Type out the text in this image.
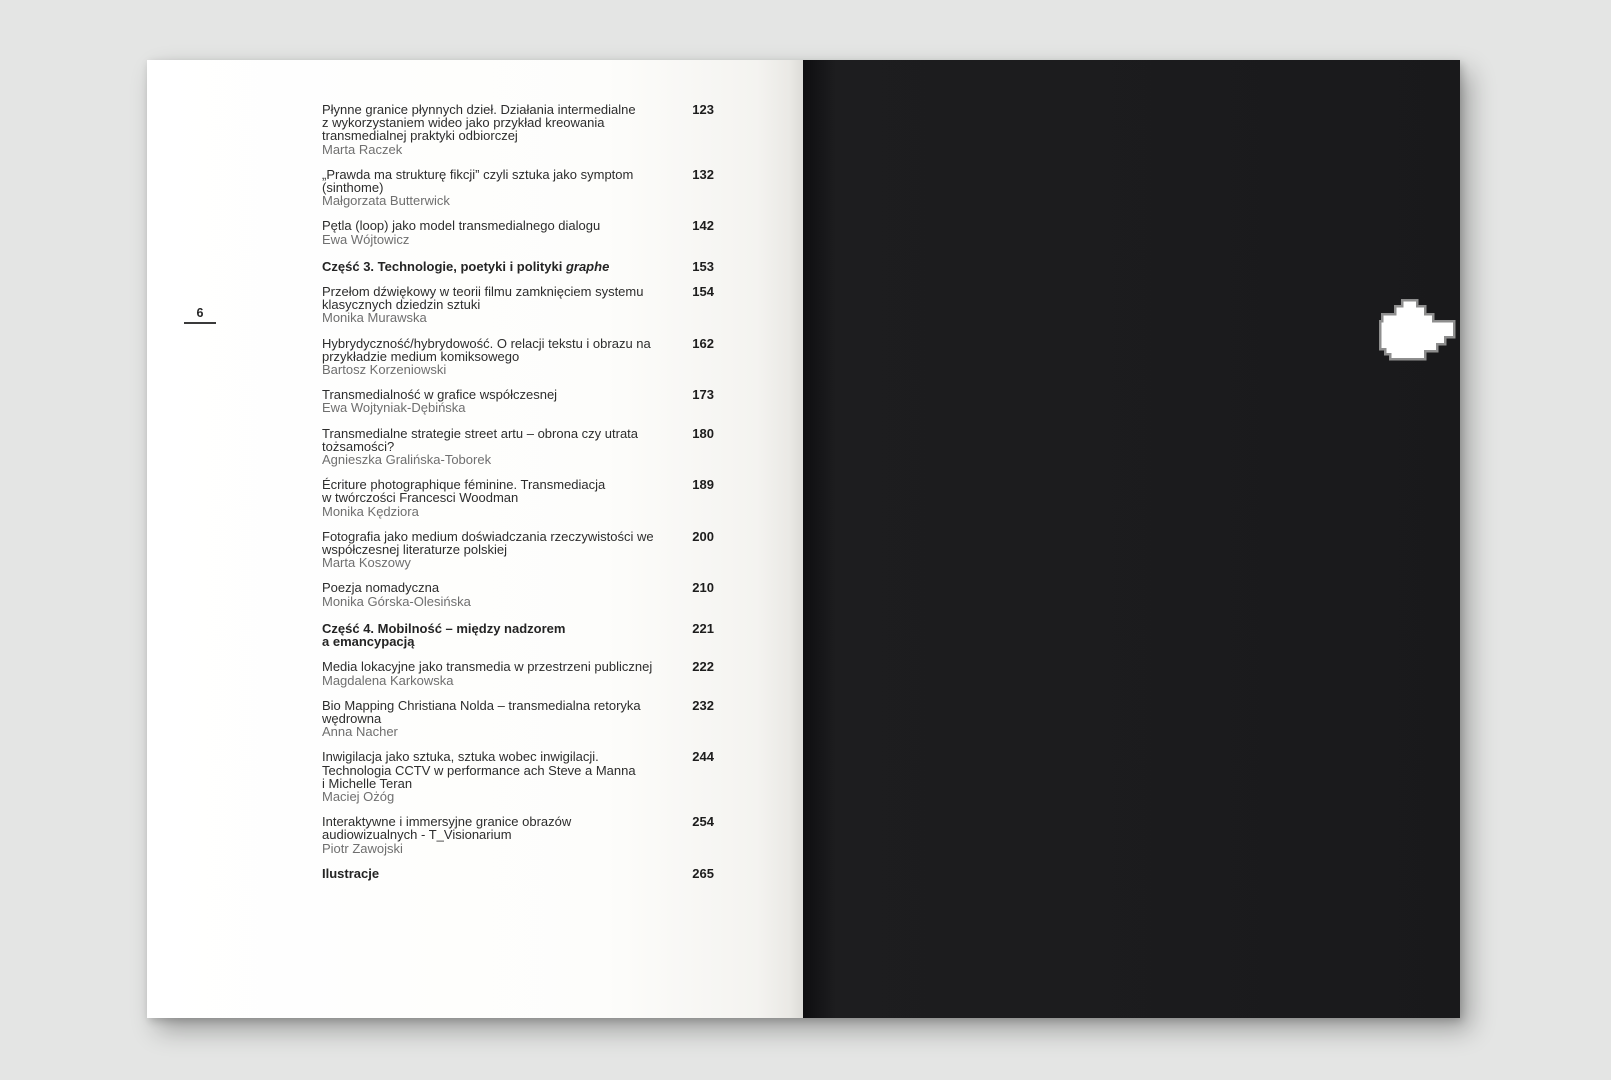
6
Płynne granice płynnych dzieł. Działania intermedialne
z wykorzystaniem wideo jako przykład kreowania
transmedialnej praktyki odbiorczej
Marta Raczek
123
„Prawda ma strukturę fikcji” czyli sztuka jako symptom
(sinthome)
Małgorzata Butterwick
132
Pętla (loop) jako model transmedialnego dialogu
Ewa Wójtowicz
142
Część 3. Technologie, poetyki i polityki graphe	153
Przełom dźwiękowy w teorii filmu zamknięciem systemu
klasycznych dziedzin sztuki
Monika Murawska
154
Hybrydyczność/hybrydowość. O relacji tekstu i obrazu na
przykładzie medium komiksowego
Bartosz Korzeniowski
162
Transmedialność w grafice współczesnej
Ewa Wojtyniak-Dębińska
173
Transmedialne strategie street artu – obrona czy utrata
tożsamości?
Agnieszka Gralińska-Toborek
180
Écriture photographique féminine. Transmediacja
w twórczości Francesci Woodman
Monika Kędziora
189
Fotografia jako medium doświadczania rzeczywistości we
współczesnej literaturze polskiej
Marta Koszowy
200
Poezja nomadyczna
Monika Górska-Olesińska
210
Część 4. Mobilność – między nadzorem
a emancypacją
221
Media lokacyjne jako transmedia w przestrzeni publicznej
Magdalena Karkowska
222
Bio Mapping Christiana Nolda – transmedialna retoryka
wędrowna
Anna Nacher
232
Inwigilacja jako sztuka, sztuka wobec inwigilacji.
Technologia CCTV w performance ach Steve a Manna
i Michelle Teran
Maciej Ożóg
244
Interaktywne i immersyjne granice obrazów
audiowizualnych - T_Visionarium
Piotr Zawojski
254
Ilustracje	265
